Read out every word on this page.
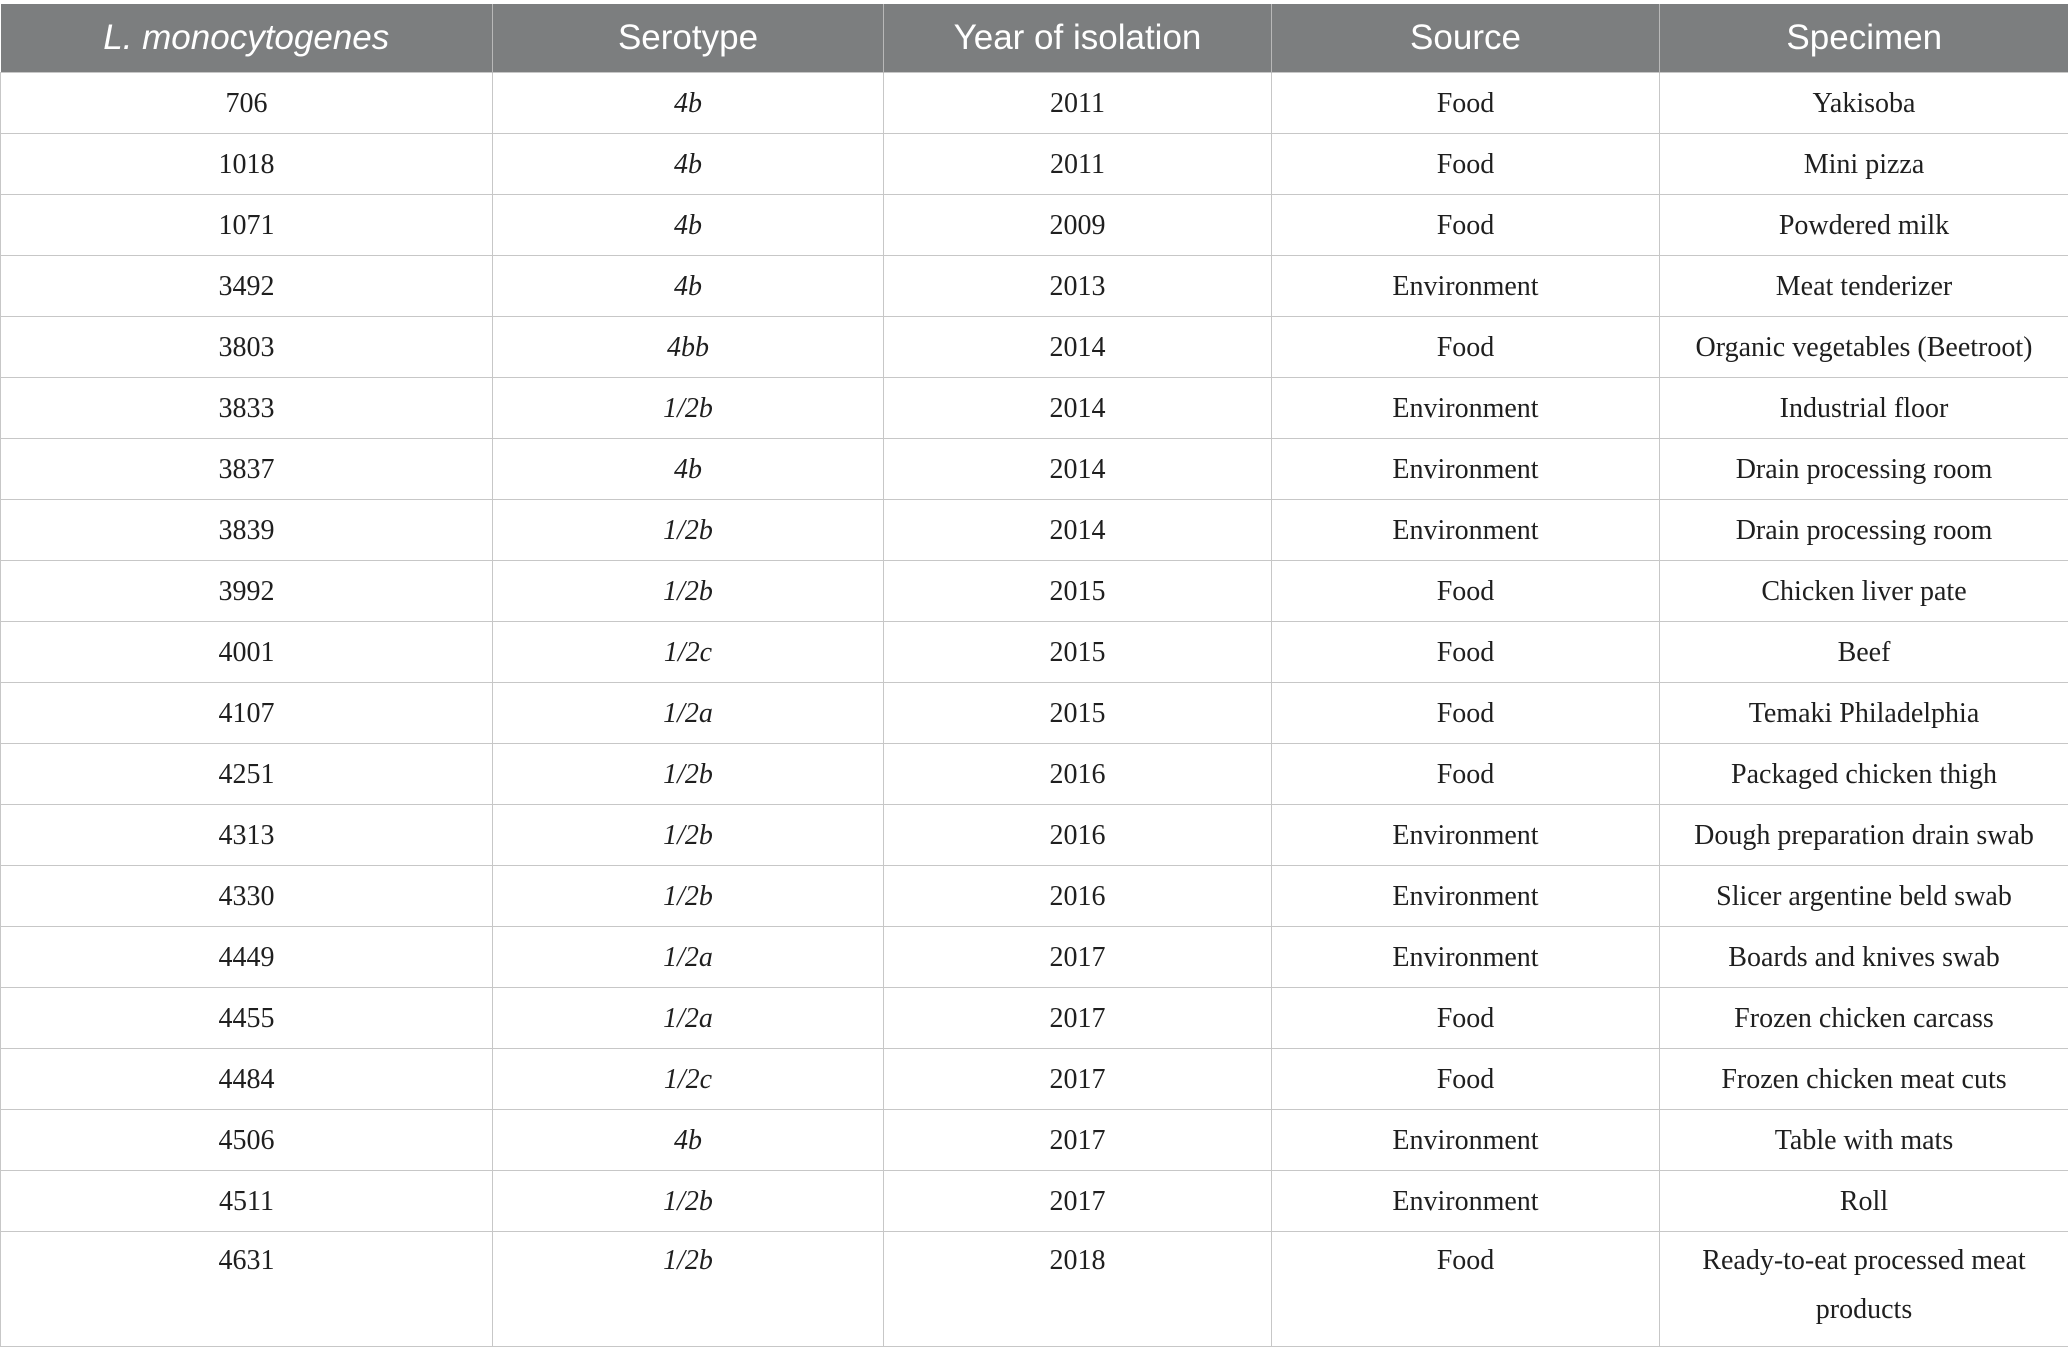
L. monocytogenes	Serotype	Year of isolation	Source	Specimen
706	4b	2011	Food	Yakisoba
1018	4b	2011	Food	Mini pizza
1071	4b	2009	Food	Powdered milk
3492	4b	2013	Environment	Meat tenderizer
3803	4bb	2014	Food	Organic vegetables (Beetroot)
3833	1/2b	2014	Environment	Industrial floor
3837	4b	2014	Environment	Drain processing room
3839	1/2b	2014	Environment	Drain processing room
3992	1/2b	2015	Food	Chicken liver pate
4001	1/2c	2015	Food	Beef
4107	1/2a	2015	Food	Temaki Philadelphia
4251	1/2b	2016	Food	Packaged chicken thigh
4313	1/2b	2016	Environment	Dough preparation drain swab
4330	1/2b	2016	Environment	Slicer argentine beld swab
4449	1/2a	2017	Environment	Boards and knives swab
4455	1/2a	2017	Food	Frozen chicken carcass
4484	1/2c	2017	Food	Frozen chicken meat cuts
4506	4b	2017	Environment	Table with mats
4511	1/2b	2017	Environment	Roll
4631	1/2b	2018	Food	Ready-to-eat processed meat products
